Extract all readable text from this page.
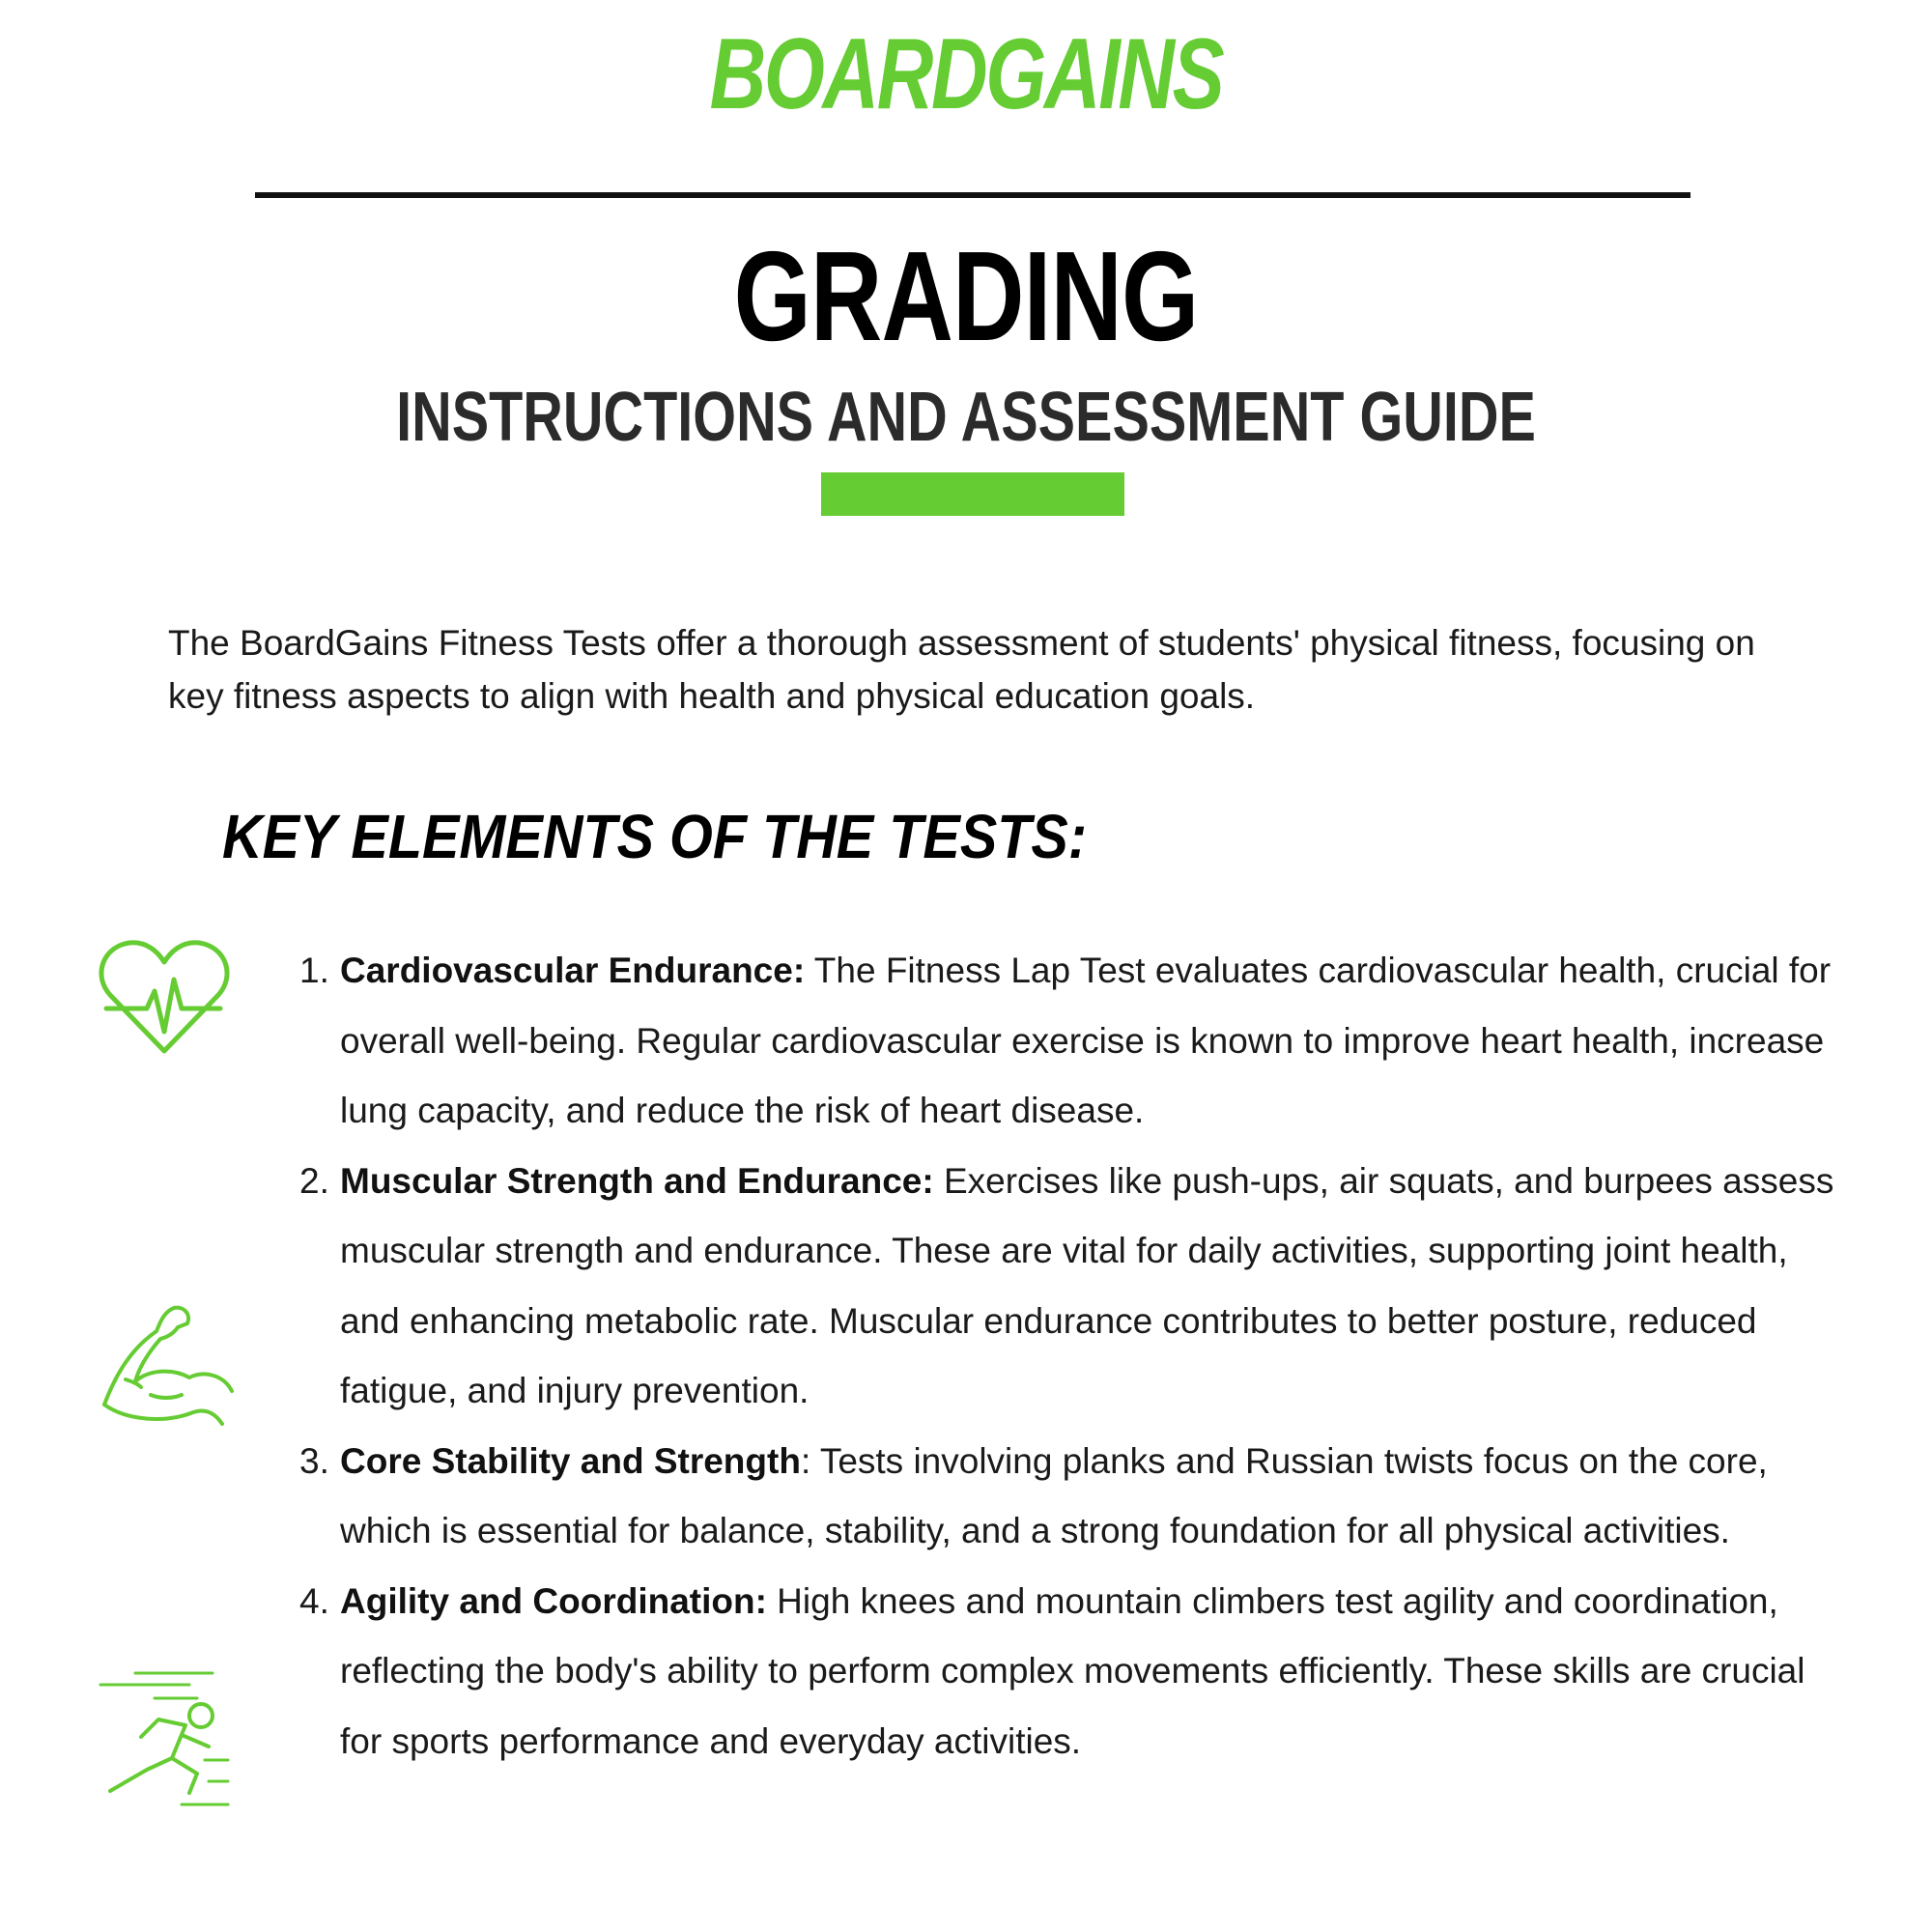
BOARDGAINS
GRADING
INSTRUCTIONS AND ASSESSMENT GUIDE

The BoardGains Fitness Tests offer a thorough assessment of students' physical fitness, focusing on key fitness aspects to align with health and physical education goals.

KEY ELEMENTS OF THE TESTS:
1. Cardiovascular Endurance: The Fitness Lap Test evaluates cardiovascular health, crucial for overall well-being. Regular cardiovascular exercise is known to improve heart health, increase lung capacity, and reduce the risk of heart disease.
2. Muscular Strength and Endurance: Exercises like push-ups, air squats, and burpees assess muscular strength and endurance. These are vital for daily activities, supporting joint health, and enhancing metabolic rate. Muscular endurance contributes to better posture, reduced fatigue, and injury prevention.
3. Core Stability and Strength: Tests involving planks and Russian twists focus on the core, which is essential for balance, stability, and a strong foundation for all physical activities.
4. Agility and Coordination: High knees and mountain climbers test agility and coordination, reflecting the body's ability to perform complex movements efficiently. These skills are crucial for sports performance and everyday activities.
